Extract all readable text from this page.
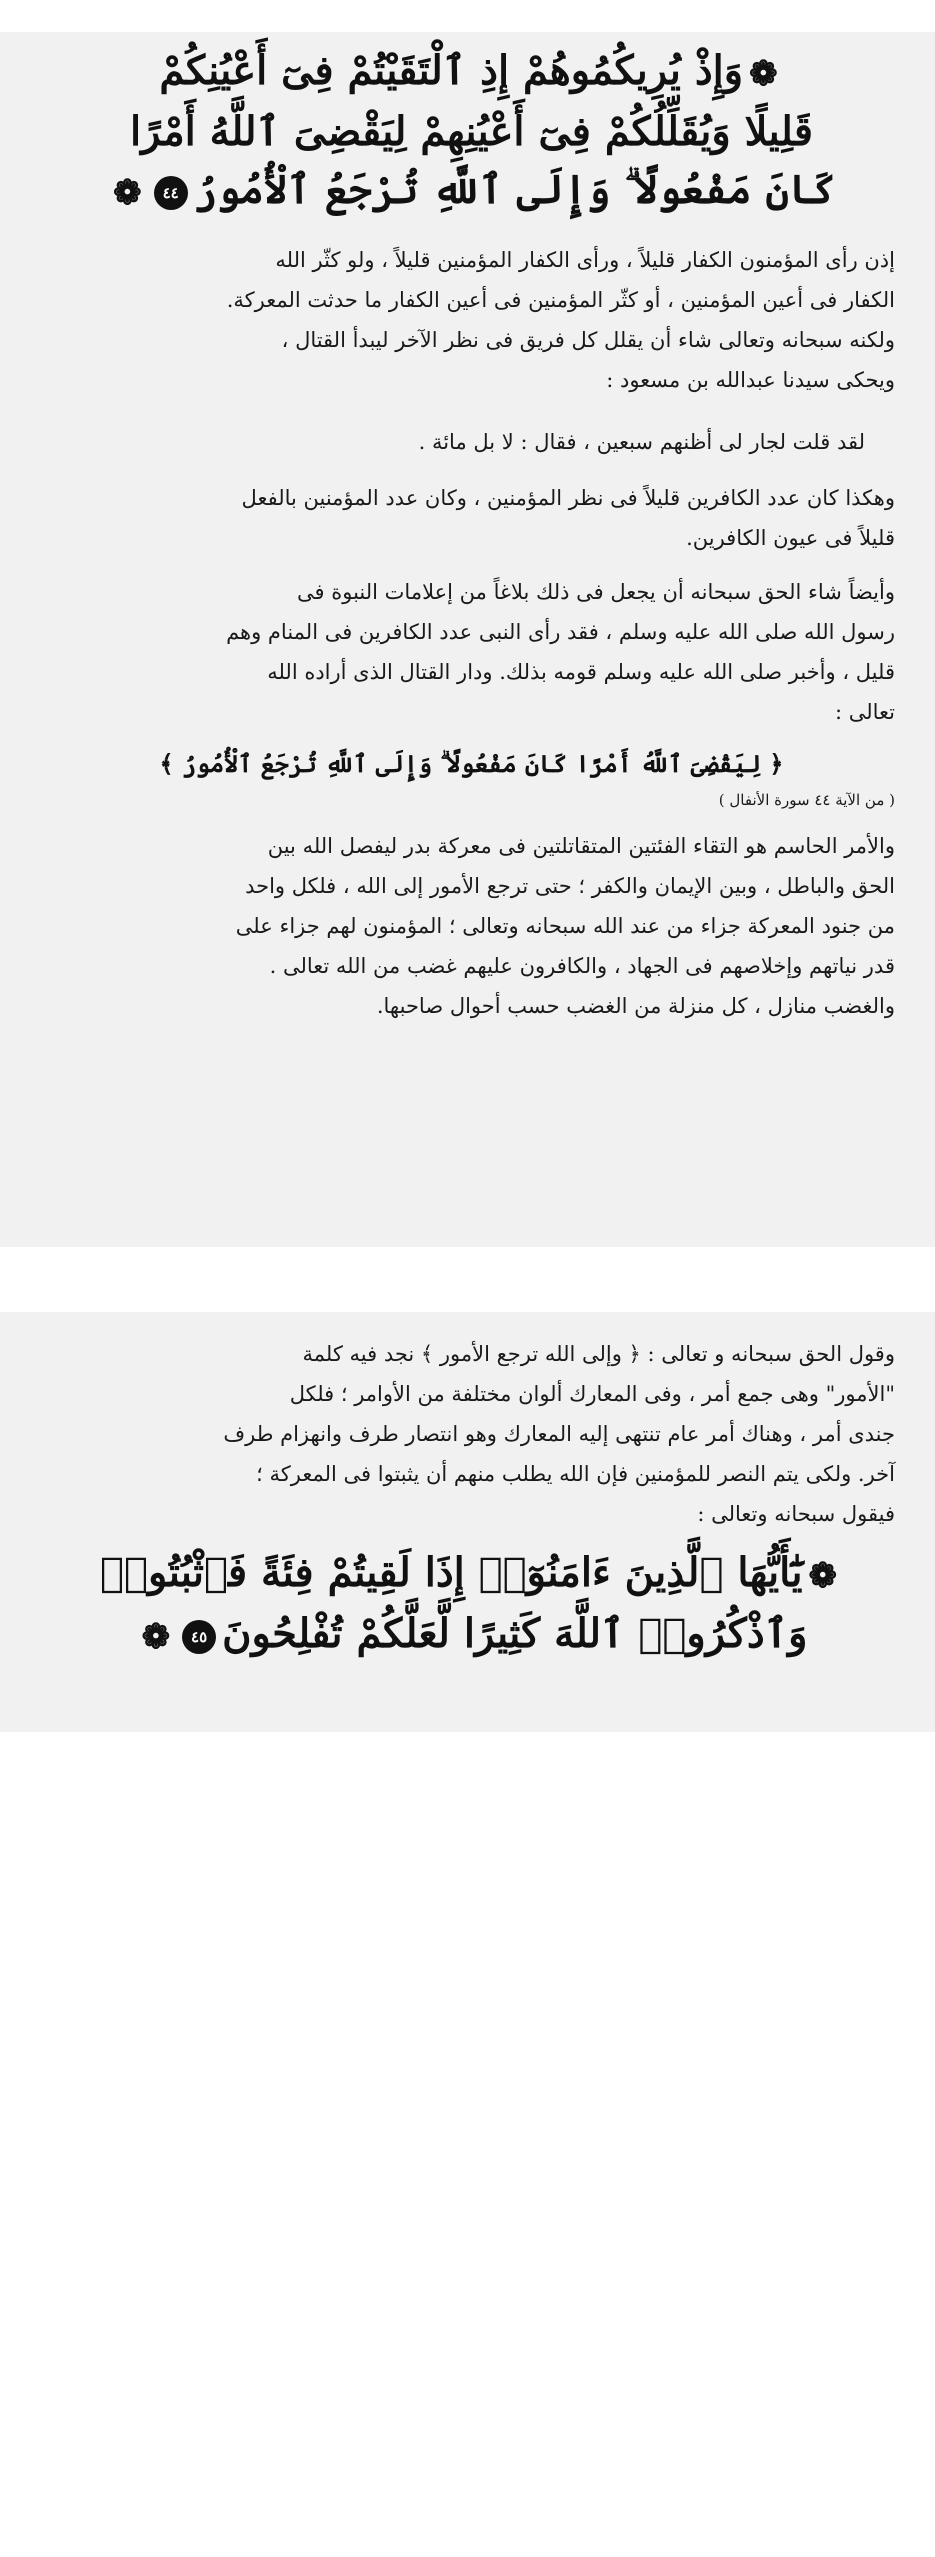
❁وَإِذْ يُرِيكُمُوهُمْ إِذِ ٱلْتَقَيْتُمْ فِىٓ أَعْيُنِكُمْ
قَلِيلًا وَيُقَلِّلُكُمْ فِىٓ أَعْيُنِهِمْ لِيَقْضِىَ ٱللَّهُ أَمْرًا
كَانَ مَفْعُولًا ۗ وَإِلَى ٱللَّهِ تُرْجَعُ ٱلْأُمُورُ٤٤❁

إذن رأى المؤمنون الكفار قليلاً ، ورأى الكفار المؤمنين قليلاً ، ولو كثّر الله

الكفار فى أعين المؤمنين ، أو كثّر المؤمنين فى أعين الكفار ما حدثت المعركة.

ولكنه سبحانه وتعالى شاء أن يقلل كل فريق فى نظر الآخر ليبدأ القتال ،

ويحكى سيدنا عبدالله بن مسعود :

لقد قلت لجار لى أظنهم سبعين ، فقال : لا بل مائة .

وهكذا كان عدد الكافرين قليلاً فى نظر المؤمنين ، وكان عدد المؤمنين بالفعل

قليلاً فى عيون الكافرين.

وأيضاً شاء الحق سبحانه أن يجعل فى ذلك بلاغاً من إعلامات النبوة فى

رسول الله صلى الله عليه وسلم ، فقد رأى النبى عدد الكافرين فى المنام وهم

قليل ، وأخبر صلى الله عليه وسلم قومه بذلك. ودار القتال الذى أراده الله

تعالى :

﴿ لِيَقْضِىَ ٱللَّهُ أَمْرًا كَانَ مَفْعُولًا ۗ وَإِلَى ٱللَّهِ تُرْجَعُ ٱلْأُمُورُ ﴾
( من الآية ٤٤ سورة الأنفال )

والأمر الحاسم هو التقاء الفئتين المتقاتلتين فى معركة بدر ليفصل الله بين

الحق والباطل ، وبين الإيمان والكفر ؛ حتى ترجع الأمور إلى الله ، فلكل واحد

من جنود المعركة جزاء من عند الله سبحانه وتعالى ؛ المؤمنون لهم جزاء على

قدر نياتهم وإخلاصهم فى الجهاد ، والكافرون عليهم غضب من الله تعالى .

والغضب منازل ، كل منزلة من الغضب حسب أحوال صاحبها.

وقول الحق سبحانه و تعالى : ﴿ وإلى الله ترجع الأمور ﴾ نجد فيه كلمة

"الأمور" وهى جمع أمر ، وفى المعارك ألوان مختلفة من الأوامر ؛ فلكل

جندى أمر ، وهناك أمر عام تنتهى إليه المعارك وهو انتصار طرف وانهزام طرف

آخر. ولكى يتم النصر للمؤمنين فإن الله يطلب منهم أن يثبتوا فى المعركة ؛

فيقول سبحانه وتعالى :

❁يَٰٓأَيُّهَا ٱلَّذِينَ ءَامَنُوٓا۟ إِذَا لَقِيتُمْ فِئَةً فَٱثْبُتُوا۟
وَٱذْكُرُوا۟ ٱللَّهَ كَثِيرًا لَّعَلَّكُمْ تُفْلِحُونَ٤٥❁
